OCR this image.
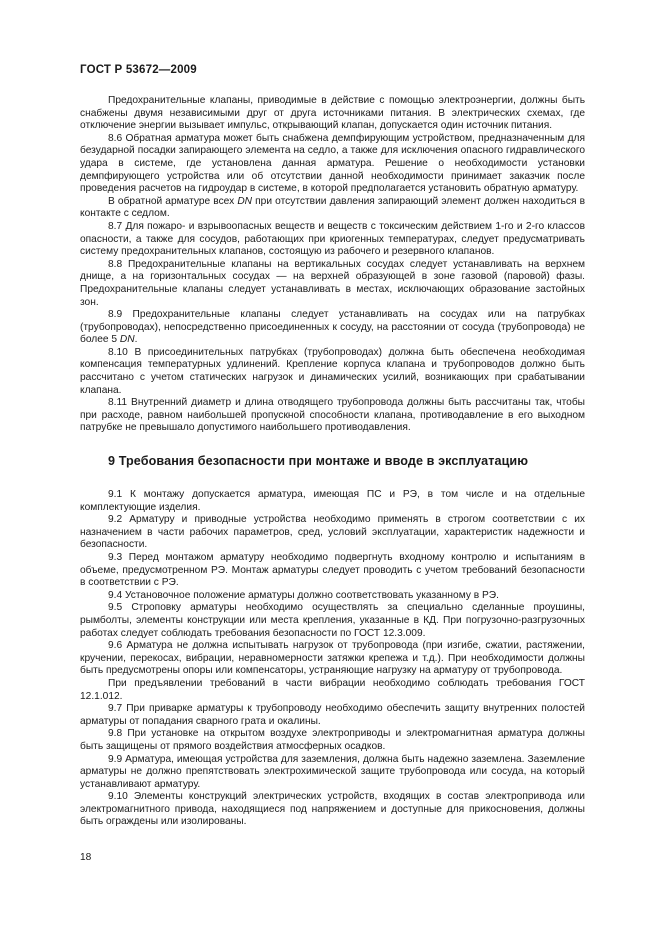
ГОСТ Р 53672—2009

Предохранительные клапаны, приводимые в действие с помощью электроэнергии, должны быть снабжены двумя независимыми друг от друга источниками питания. В электрических схемах, где отключение энергии вызывает импульс, открывающий клапан, допускается один источник питания.

8.6 Обратная арматура может быть снабжена демпфирующим устройством, предназначенным для безударной посадки запирающего элемента на седло, а также для исключения опасного гидравлического удара в системе, где установлена данная арматура. Решение о необходимости установки демпфирующего устройства или об отсутствии данной необходимости принимает заказчик после проведения расчетов на гидроудар в системе, в которой предполагается установить обратную арматуру.

В обратной арматуре всех DN при отсутствии давления запирающий элемент должен находиться в контакте с седлом.

8.7 Для пожаро- и взрывоопасных веществ и веществ с токсическим действием 1-го и 2-го классов опасности, а также для сосудов, работающих при криогенных температурах, следует предусматривать систему предохранительных клапанов, состоящую из рабочего и резервного клапанов.

8.8 Предохранительные клапаны на вертикальных сосудах следует устанавливать на верхнем днище, а на горизонтальных сосудах — на верхней образующей в зоне газовой (паровой) фазы. Предохранительные клапаны следует устанавливать в местах, исключающих образование застойных зон.

8.9 Предохранительные клапаны следует устанавливать на сосудах или на патрубках (трубопроводах), непосредственно присоединенных к сосуду, на расстоянии от сосуда (трубопровода) не более 5 DN.

8.10 В присоединительных патрубках (трубопроводах) должна быть обеспечена необходимая компенсация температурных удлинений. Крепление корпуса клапана и трубопроводов должно быть рассчитано с учетом статических нагрузок и динамических усилий, возникающих при срабатывании клапана.

8.11 Внутренний диаметр и длина отводящего трубопровода должны быть рассчитаны так, чтобы при расходе, равном наибольшей пропускной способности клапана, противодавление в его выходном патрубке не превышало допустимого наибольшего противодавления.

9 Требования безопасности при монтаже и вводе в эксплуатацию

9.1 К монтажу допускается арматура, имеющая ПС и РЭ, в том числе и на отдельные комплектующие изделия.

9.2 Арматуру и приводные устройства необходимо применять в строгом соответствии с их назначением в части рабочих параметров, сред, условий эксплуатации, характеристик надежности и безопасности.

9.3 Перед монтажом арматуру необходимо подвергнуть входному контролю и испытаниям в объеме, предусмотренном РЭ. Монтаж арматуры следует проводить с учетом требований безопасности в соответствии с РЭ.

9.4 Установочное положение арматуры должно соответствовать указанному в РЭ.

9.5 Строповку арматуры необходимо осуществлять за специально сделанные проушины, рымболты, элементы конструкции или места крепления, указанные в КД. При погрузочно-разгрузочных работах следует соблюдать требования безопасности по ГОСТ 12.3.009.

9.6 Арматура не должна испытывать нагрузок от трубопровода (при изгибе, сжатии, растяжении, кручении, перекосах, вибрации, неравномерности затяжки крепежа и т.д.). При необходимости должны быть предусмотрены опоры или компенсаторы, устраняющие нагрузку на арматуру от трубопровода.

При предъявлении требований в части вибрации необходимо соблюдать требования ГОСТ 12.1.012.

9.7 При приварке арматуры к трубопроводу необходимо обеспечить защиту внутренних полостей арматуры от попадания сварного грата и окалины.

9.8 При установке на открытом воздухе электроприводы и электромагнитная арматура должны быть защищены от прямого воздействия атмосферных осадков.

9.9 Арматура, имеющая устройства для заземления, должна быть надежно заземлена. Заземление арматуры не должно препятствовать электрохимической защите трубопровода или сосуда, на который устанавливают арматуру.

9.10 Элементы конструкций электрических устройств, входящих в состав электропривода или электромагнитного привода, находящиеся под напряжением и доступные для прикосновения, должны быть ограждены или изолированы.

18
